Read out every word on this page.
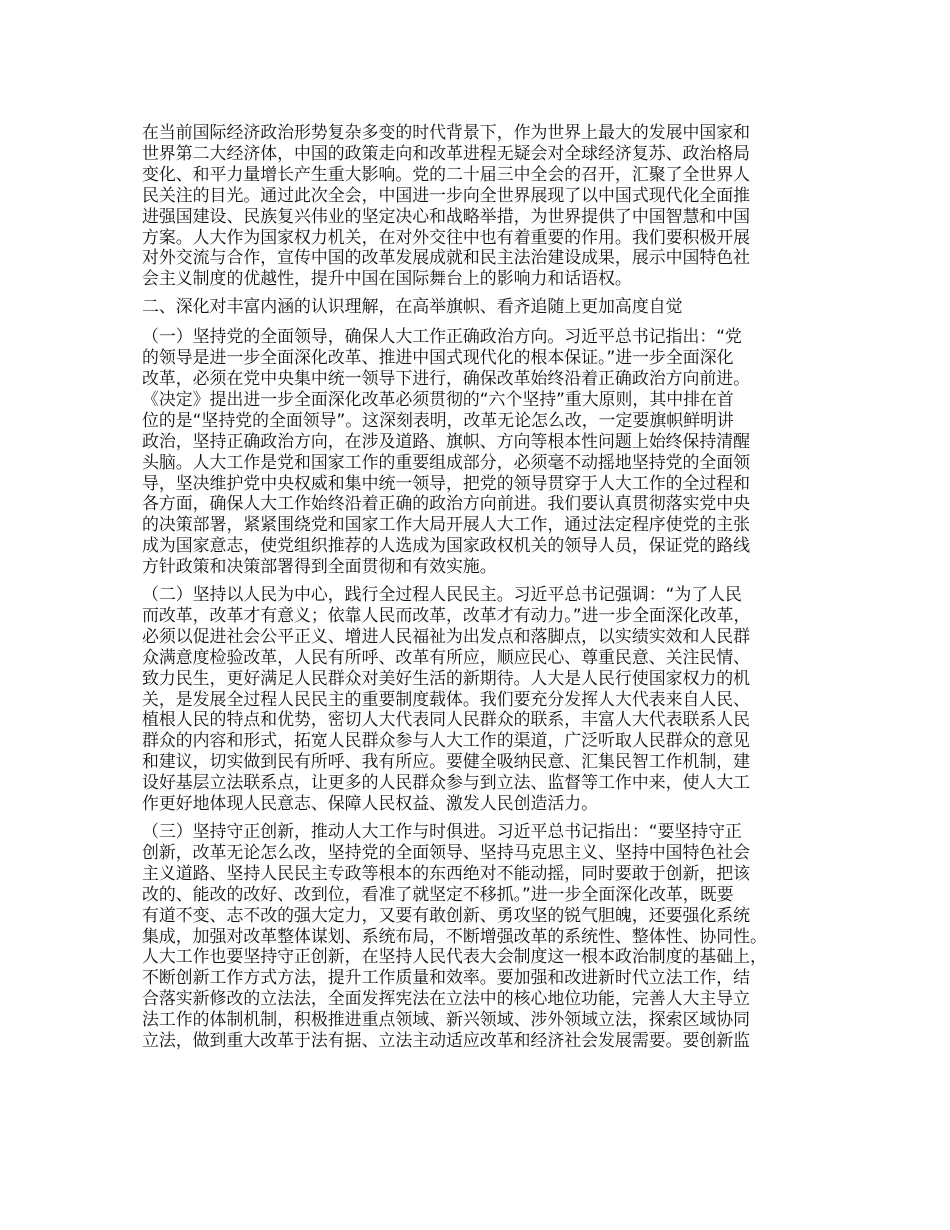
在当前国际经济政治形势复杂多变的时代背景下，作为世界上最大的发展中国家和
世界第二大经济体，中国的政策走向和改革进程无疑会对全球经济复苏、政治格局
变化、和平力量增长产生重大影响。党的二十届三中全会的召开，汇聚了全世界人
民关注的目光。通过此次全会，中国进一步向全世界展现了以中国式现代化全面推
进强国建设、民族复兴伟业的坚定决心和战略举措，为世界提供了中国智慧和中国
方案。人大作为国家权力机关，在对外交往中也有着重要的作用。我们要积极开展
对外交流与合作，宣传中国的改革发展成就和民主法治建设成果，展示中国特色社
会主义制度的优越性，提升中国在国际舞台上的影响力和话语权。

二、深化对丰富内涵的认识理解，在高举旗帜、看齐追随上更加高度自觉

（一）坚持党的全面领导，确保人大工作正确政治方向。习近平总书记指出：“党
的领导是进一步全面深化改革、推进中国式现代化的根本保证。”进一步全面深化
改革，必须在党中央集中统一领导下进行，确保改革始终沿着正确政治方向前进。
《决定》提出进一步全面深化改革必须贯彻的“六个坚持”重大原则，其中排在首
位的是“坚持党的全面领导”。这深刻表明，改革无论怎么改，一定要旗帜鲜明讲
政治，坚持正确政治方向，在涉及道路、旗帜、方向等根本性问题上始终保持清醒
头脑。人大工作是党和国家工作的重要组成部分，必须毫不动摇地坚持党的全面领
导，坚决维护党中央权威和集中统一领导，把党的领导贯穿于人大工作的全过程和
各方面，确保人大工作始终沿着正确的政治方向前进。我们要认真贯彻落实党中央
的决策部署，紧紧围绕党和国家工作大局开展人大工作，通过法定程序使党的主张
成为国家意志，使党组织推荐的人选成为国家政权机关的领导人员，保证党的路线
方针政策和决策部署得到全面贯彻和有效实施。

（二）坚持以人民为中心，践行全过程人民民主。习近平总书记强调：“为了人民
而改革，改革才有意义；依靠人民而改革，改革才有动力。”进一步全面深化改革，
必须以促进社会公平正义、增进人民福祉为出发点和落脚点，以实绩实效和人民群
众满意度检验改革，人民有所呼、改革有所应，顺应民心、尊重民意、关注民情、
致力民生，更好满足人民群众对美好生活的新期待。人大是人民行使国家权力的机
关，是发展全过程人民民主的重要制度载体。我们要充分发挥人大代表来自人民、
植根人民的特点和优势，密切人大代表同人民群众的联系，丰富人大代表联系人民
群众的内容和形式，拓宽人民群众参与人大工作的渠道，广泛听取人民群众的意见
和建议，切实做到民有所呼、我有所应。要健全吸纳民意、汇集民智工作机制，建
设好基层立法联系点，让更多的人民群众参与到立法、监督等工作中来，使人大工
作更好地体现人民意志、保障人民权益、激发人民创造活力。

（三）坚持守正创新，推动人大工作与时俱进。习近平总书记指出：“要坚持守正
创新，改革无论怎么改，坚持党的全面领导、坚持马克思主义、坚持中国特色社会
主义道路、坚持人民民主专政等根本的东西绝对不能动摇，同时要敢于创新，把该
改的、能改的改好、改到位，看准了就坚定不移抓。”进一步全面深化改革，既要
有道不变、志不改的强大定力，又要有敢创新、勇攻坚的锐气胆魄，还要强化系统
集成，加强对改革整体谋划、系统布局，不断增强改革的系统性、整体性、协同性。
人大工作也要坚持守正创新，在坚持人民代表大会制度这一根本政治制度的基础上，
不断创新工作方式方法，提升工作质量和效率。要加强和改进新时代立法工作，结
合落实新修改的立法法，全面发挥宪法在立法中的核心地位功能，完善人大主导立
法工作的体制机制，积极推进重点领域、新兴领域、涉外领域立法，探索区域协同
立法，做到重大改革于法有据、立法主动适应改革和经济社会发展需要。要创新监
